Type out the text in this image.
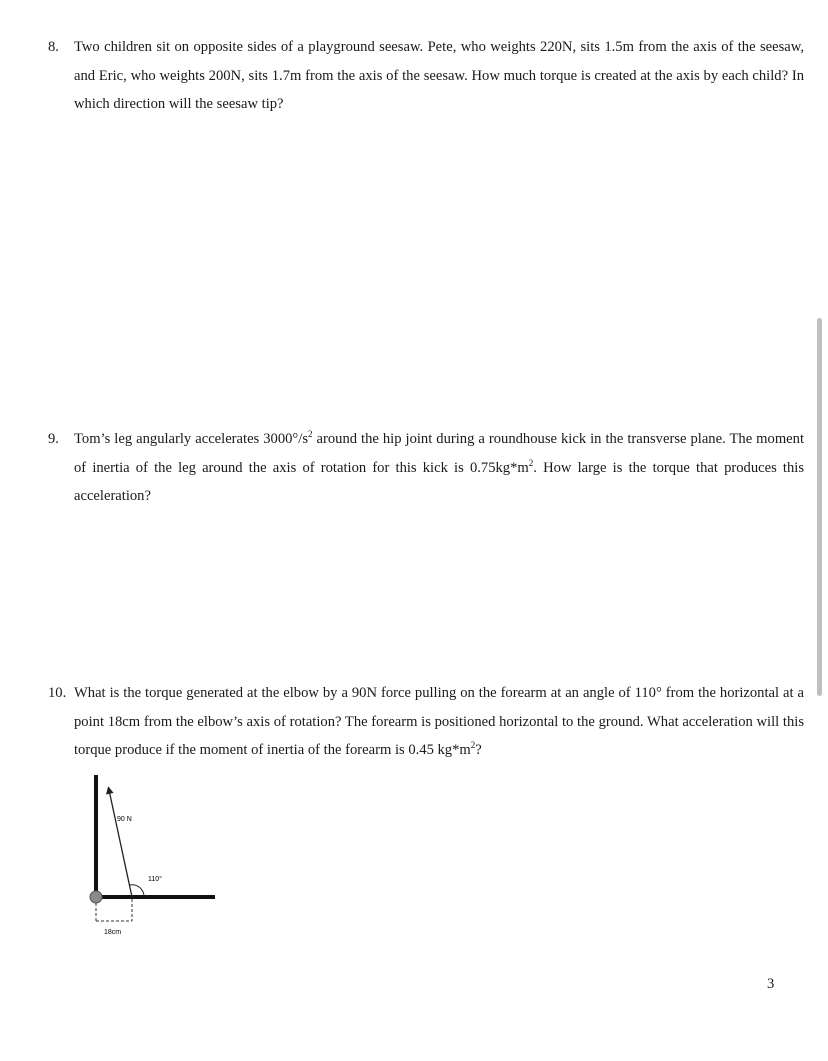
8. Two children sit on opposite sides of a playground seesaw. Pete, who weights 220N, sits 1.5m from the axis of the seesaw, and Eric, who weights 200N, sits 1.7m from the axis of the seesaw. How much torque is created at the axis by each child? In which direction will the seesaw tip?
9. Tom’s leg angularly accelerates $3000^\circ/s^2$ around the hip joint during a roundhouse kick in the transverse plane. The moment of inertia of the leg around the axis of rotation for this kick is $0.75kg*m^2$. How large is the torque that produces this acceleration?
10. What is the torque generated at the elbow by a 90N force pulling on the forearm at an angle of 110° from the horizontal at a point 18cm from the elbow’s axis of rotation? The forearm is positioned horizontal to the ground. What acceleration will this torque produce if the moment of inertia of the forearm is 0.45 $kg*m^2$?
90 N
110°
18cm
3
